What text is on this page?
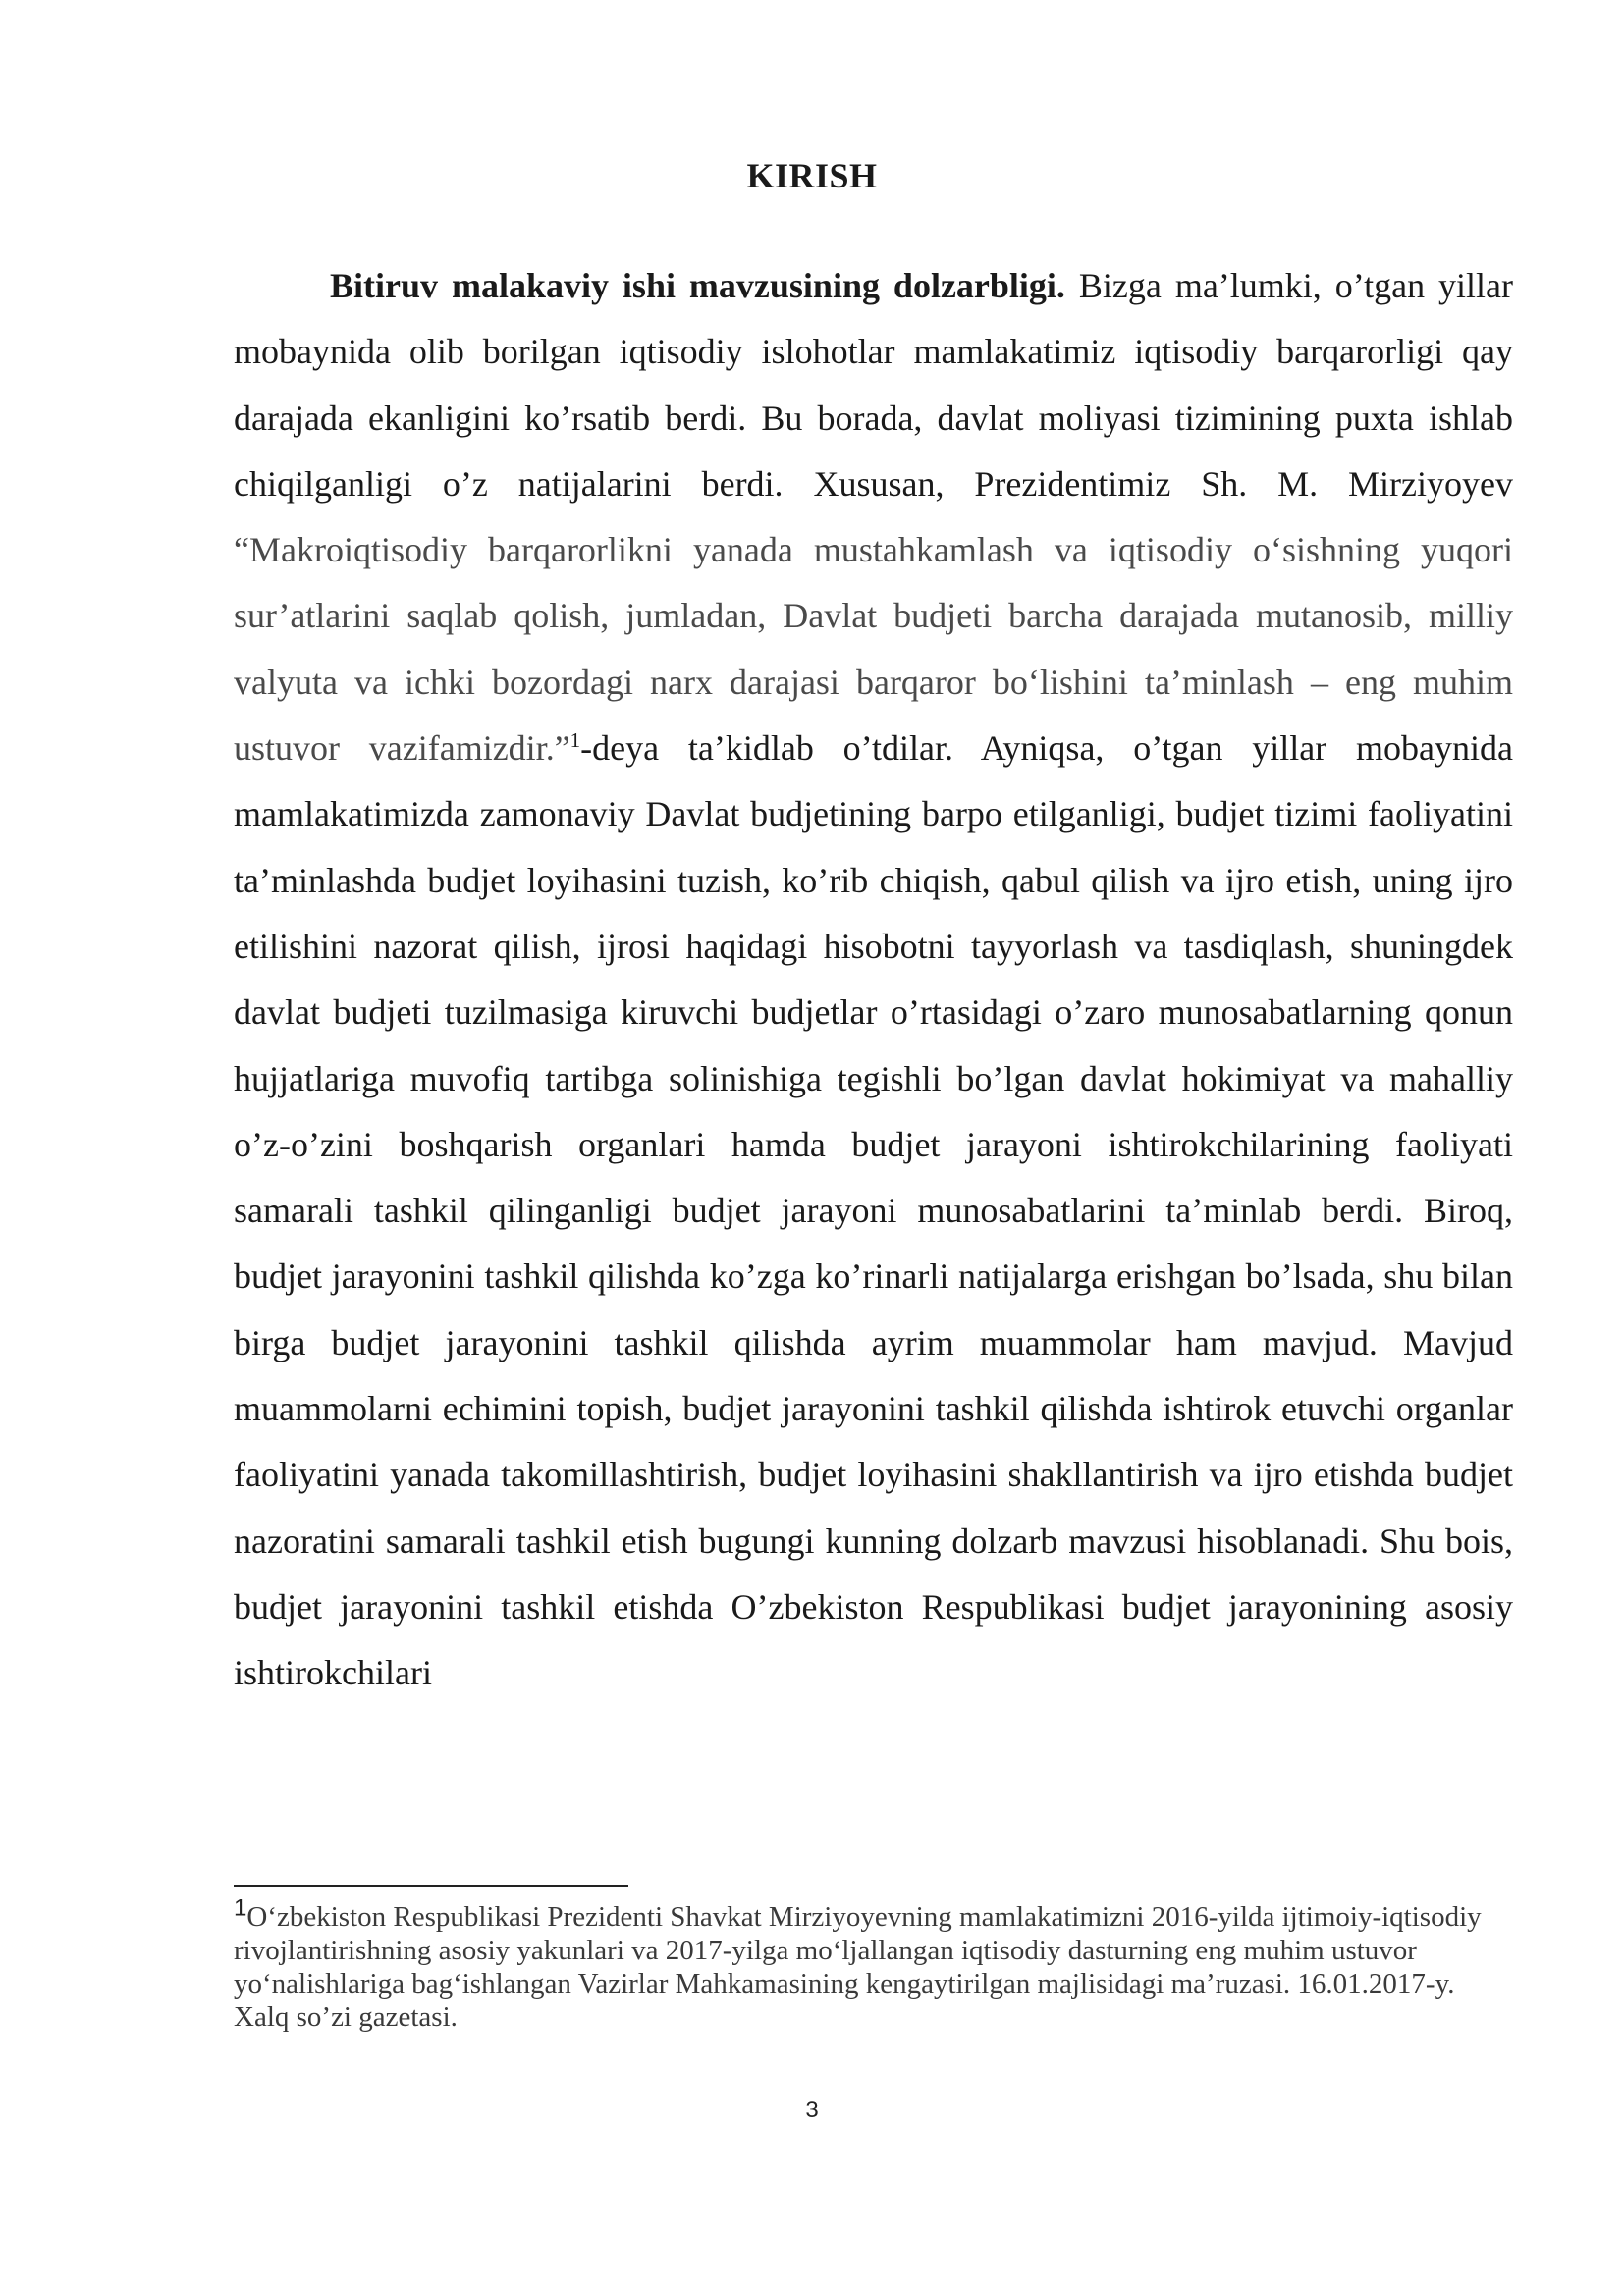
KIRISH

Bitiruv malakaviy ishi mavzusining dolzarbligi. Bizga ma’lumki, o’tgan yillar mobaynida olib borilgan iqtisodiy islohotlar mamlakatimiz iqtisodiy barqarorligi qay darajada ekanligini ko’rsatib berdi. Bu borada, davlat moliyasi tizimining puxta ishlab chiqilganligi o’z natijalarini berdi. Xususan, Prezidentimiz Sh. M. Mirziyoyev “Makroiqtisodiy barqarorlikni yanada mustahkamlash va iqtisodiy o‘sishning yuqori sur’atlarini saqlab qolish, jumladan, Davlat budjeti barcha darajada mutanosib, milliy valyuta va ichki bozordagi narx darajasi barqaror bo‘lishini ta’minlash – eng muhim ustuvor vazifamizdir.”$^1$-deya ta’kidlab o’tdilar. Ayniqsa, o’tgan yillar mobaynida mamlakatimizda zamonaviy Davlat budjetining barpo etilganligi, budjet tizimi faoliyatini ta’minlashda budjet loyihasini tuzish, ko’rib chiqish, qabul qilish va ijro etish, uning ijro etilishini nazorat qilish, ijrosi haqidagi hisobotni tayyorlash va tasdiqlash, shuningdek davlat budjeti tuzilmasiga kiruvchi budjetlar o’rtasidagi o’zaro munosabatlarning qonun hujjatlariga muvofiq tartibga solinishiga tegishli bo’lgan davlat hokimiyat va mahalliy o’z-o’zini boshqarish organlari hamda budjet jarayoni ishtirokchilarining faoliyati samarali tashkil qilinganligi budjet jarayoni munosabatlarini ta’minlab berdi. Biroq, budjet jarayonini tashkil qilishda ko’zga ko’rinarli natijalarga erishgan bo’lsada, shu bilan birga budjet jarayonini tashkil qilishda ayrim muammolar ham mavjud. Mavjud muammolarni echimini topish, budjet jarayonini tashkil qilishda ishtirok etuvchi organlar faoliyatini yanada takomillashtirish, budjet loyihasini shakllantirish va ijro etishda budjet nazoratini samarali tashkil etish bugungi kunning dolzarb mavzusi hisoblanadi. Shu bois, budjet jarayonini tashkil etishda O’zbekiston Respublikasi budjet jarayonining asosiy ishtirokchilari

$^1$O‘zbekiston Respublikasi Prezidenti Shavkat Mirziyoyevning mamlakatimizni 2016-yilda ijtimoiy-iqtisodiy rivojlantirishning asosiy yakunlari va 2017-yilga mo‘ljallangan iqtisodiy dasturning eng muhim ustuvor yo‘nalishlariga bag‘ishlangan Vazirlar Mahkamasining kengaytirilgan majlisidagi ma’ruzasi. 16.01.2017-y. Xalq so’zi gazetasi.

3
